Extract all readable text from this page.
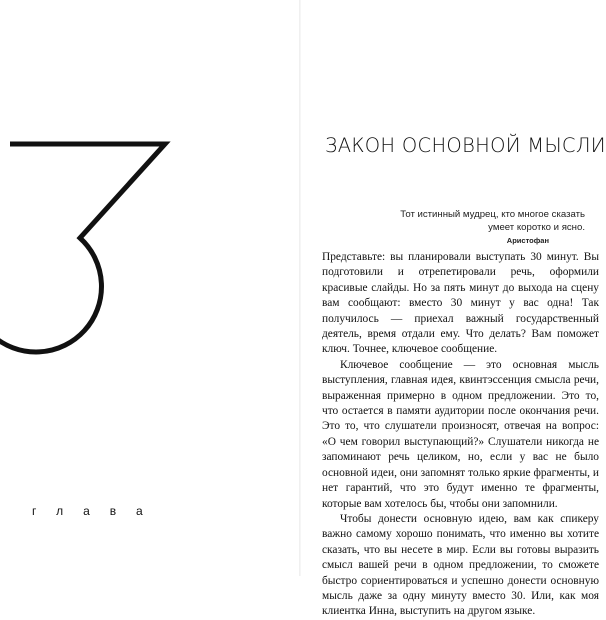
глава
ЗАКОН ОСНОВНОЙ МЫСЛИ

Тот истинный мудрец, кто многое сказать умеет коротко и ясно.

Аристофан

Представьте: вы планировали выступать 30 минут. Вы подготовили и отрепетировали речь, оформили красивые слайды. Но за пять минут до выхода на сцену вам сообщают: вместо 30 минут у вас одна! Так получилось — приехал важный государственный деятель, время отдали ему. Что делать? Вам поможет ключ. Точнее, ключевое сообщение.

Ключевое сообщение — это основная мысль выступления, главная идея, квинтэссенция смысла речи, выраженная примерно в одном предложении. Это то, что остается в памяти аудитории после окончания речи. Это то, что слушатели произносят, отвечая на вопрос: «О чем говорил выступающий?» Слушатели никогда не запоминают речь целиком, но, если у вас не было основной идеи, они запомнят только яркие фрагменты, и нет гарантий, что это будут именно те фрагменты, которые вам хотелось бы, чтобы они запомнили.

Чтобы донести основную идею, вам как спикеру важно самому хорошо понимать, что именно вы хотите сказать, что вы несете в мир. Если вы готовы выразить смысл вашей речи в одном предложении, то сможете быстро сориентироваться и успешно донести основную мысль даже за одну минуту вместо 30. Или, как моя клиентка Инна, выступить на другом языке.
